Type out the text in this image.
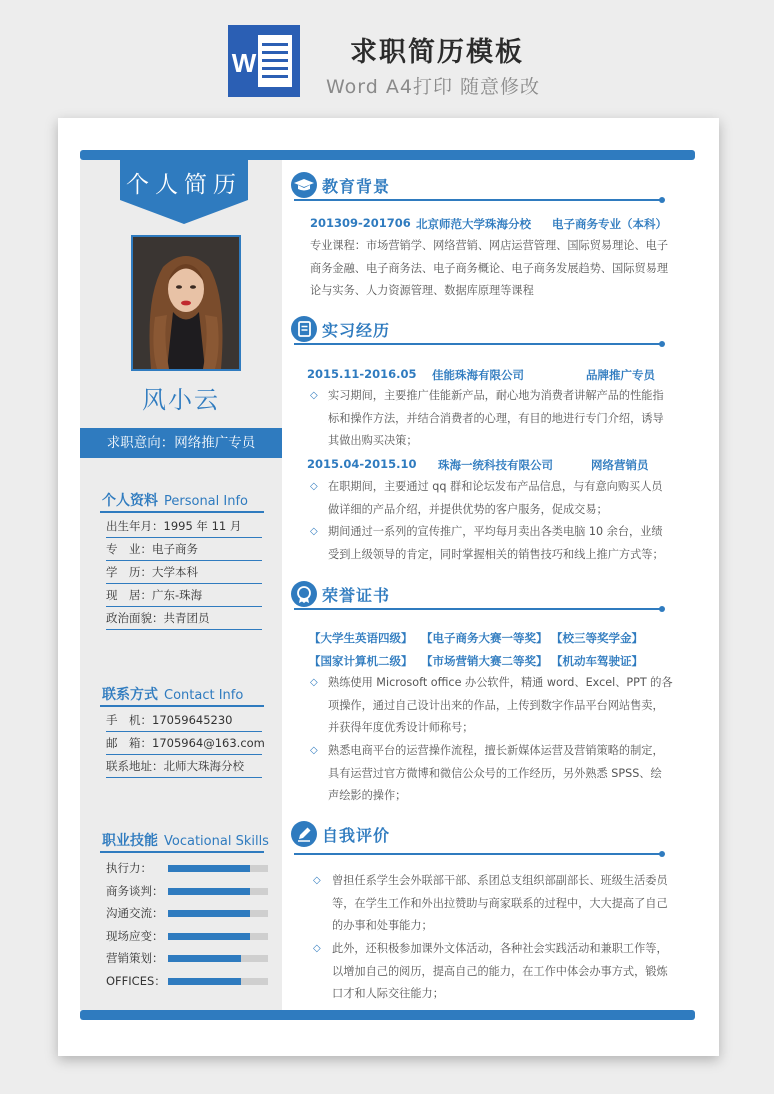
W	求职简历模板
Word A4打印 随意修改
个人简历
风小云
求职意向：网络推广专员
个人资料 Personal Info
出生年月：1995 年 11 月
专　业：电子商务
学　历：大学本科
现　居：广东-珠海
政治面貌：共青团员
联系方式 Contact Info
手　机：17059645230
邮　箱：1705964@163.com
联系地址：北师大珠海分校
职业技能 Vocational Skills
执行力：
商务谈判：
沟通交流：
现场应变：
营销策划：
OFFICES：
教育背景
201309-201706 北京师范大学珠海分校 电子商务专业（本科）
专业课程：市场营销学、网络营销、网店运营管理、国际贸易理论、电子
商务金融、电子商务法、电子商务概论、电子商务发展趋势、国际贸易理
论与实务、人力资源管理、数据库原理等课程
实习经历
2015.11-2016.05 佳能珠海有限公司	品牌推广专员
◇ 实习期间，主要推广佳能新产品，耐心地为消费者讲解产品的性能指
标和操作方法，并结合消费者的心理，有目的地进行专门介绍，诱导
其做出购买决策；
2015.04-2015.10 珠海一统科技有限公司	网络营销员
◇ 在职期间，主要通过 qq 群和论坛发布产品信息，与有意向购买人员
做详细的产品介绍，并提供优势的客户服务，促成交易；
◇ 期间通过一系列的宣传推广，平均每月卖出各类电脑 10 余台，业绩
受到上级领导的肯定，同时掌握相关的销售技巧和线上推广方式等；
荣誉证书
【大学生英语四级】 【电子商务大赛一等奖】 【校三等奖学金】
【国家计算机二级】 【市场营销大赛二等奖】 【机动车驾驶证】
◇ 熟练使用 Microsoft office 办公软件，精通 word、Excel、PPT 的各
项操作，通过自己设计出来的作品，上传到数字作品平台网站售卖，
并获得年度优秀设计师称号；
◇ 熟悉电商平台的运营操作流程，擅长新媒体运营及营销策略的制定，
具有运营过官方微博和微信公众号的工作经历，另外熟悉 SPSS、绘
声绘影的操作；
自我评价
◇ 曾担任系学生会外联部干部、系团总支组织部副部长、班级生活委员
等，在学生工作和外出拉赞助与商家联系的过程中，大大提高了自己
的办事和处事能力；
◇ 此外，还积极参加课外文体活动，各种社会实践活动和兼职工作等，
以增加自己的阅历，提高自己的能力，在工作中体会办事方式，锻炼
口才和人际交往能力；
